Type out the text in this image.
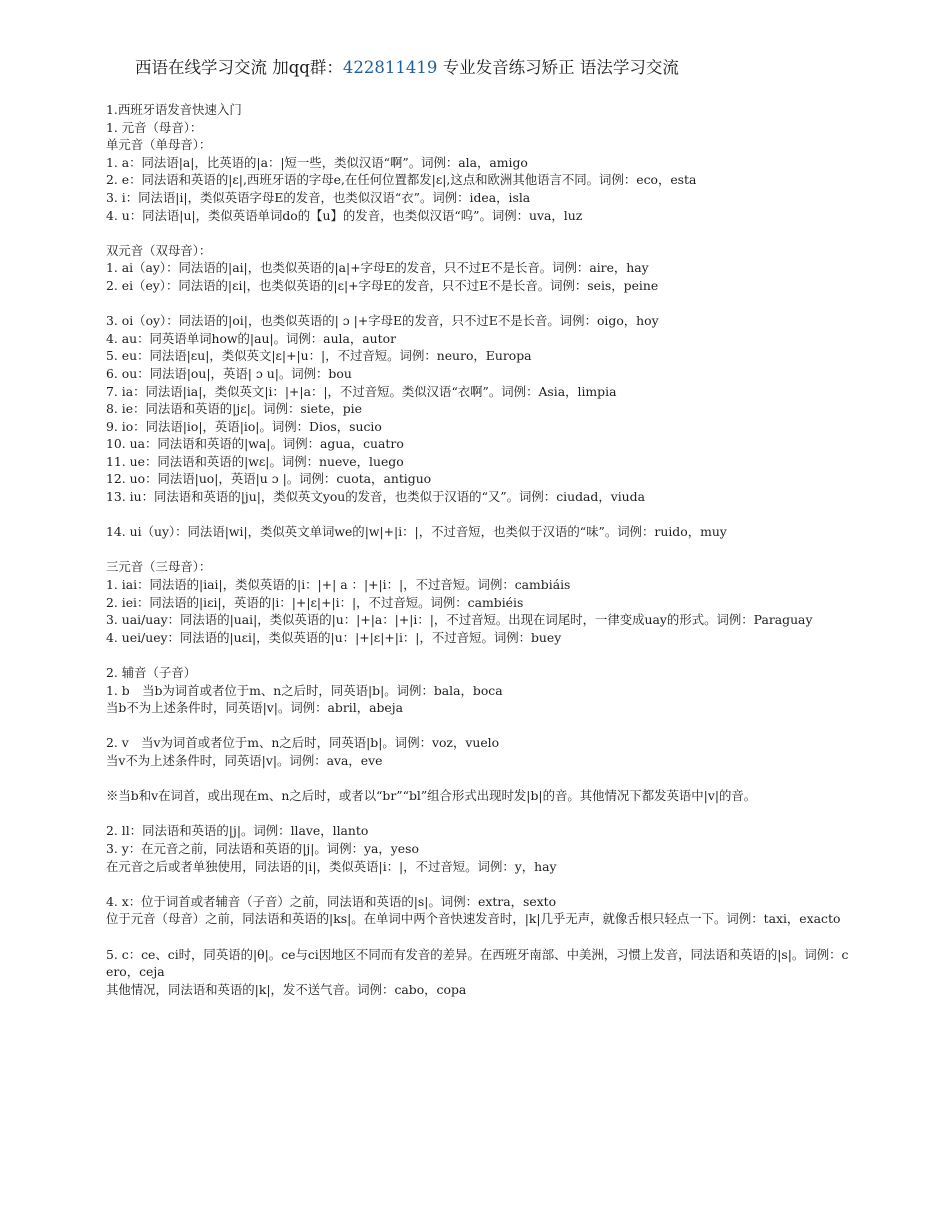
西语在线学习交流 加qq群：422811419 专业发音练习矫正 语法学习交流
1.西班牙语发音快速入门
1. 元音（母音）：
单元音（单母音）：
1. a：同法语|a|，比英语的|a：|短一些，类似汉语“啊”。词例：ala，amigo
2. e：同法语和英语的|ε|,西班牙语的字母e,在任何位置都发|ε|,这点和欧洲其他语言不同。词例：eco，esta
3. i：同法语|i|，类似英语字母E的发音，也类似汉语“衣”。词例：idea，isla
4. u：同法语|u|，类似英语单词do的【u】的发音，也类似汉语“呜”。词例：uva，luz
双元音（双母音）：
1. ai（ay）：同法语的|ai|，也类似英语的|a|+字母E的发音，只不过E不是长音。词例：aire，hay
2. ei（ey）：同法语的|εi|，也类似英语的|ε|+字母E的发音，只不过E不是长音。词例：seis，peine
3. oi（oy）：同法语的|oi|，也类似英语的| ɔ |+字母E的发音，只不过E不是长音。词例：oigo，hoy
4. au：同英语单词how的|au|。词例：aula，autor
5. eu：同法语|εu|，类似英文|ε|+|u：|，不过音短。词例：neuro，Europa
6. ou：同法语|ou|，英语| ɔ u|。词例：bou
7. ia：同法语|ia|，类似英文|i：|+|a：|，不过音短。类似汉语“衣啊”。词例：Asia，limpia
8. ie：同法语和英语的|jε|。词例：siete，pie
9. io：同法语|io|，英语|io|。词例：Dios，sucio
10. ua：同法语和英语的|wa|。词例：agua，cuatro
11. ue：同法语和英语的|wε|。词例：nueve，luego
12. uo：同法语|uo|，英语|u ɔ |。词例：cuota，antiguo
13. iu：同法语和英语的|ju|，类似英文you的发音，也类似于汉语的“又”。词例：ciudad，viuda
14. ui（uy）：同法语|wi|，类似英文单词we的|w|+|i：|，不过音短，也类似于汉语的“味”。词例：ruido，muy
三元音（三母音）：
1. iai：同法语的|iai|，类似英语的|i：|+| a ：|+|i：|，不过音短。词例：cambiáis
2. iei：同法语的|iεi|，英语的|i：|+|ε|+|i：|，不过音短。词例：cambiéis
3. uai/uay：同法语的|uai|，类似英语的|u：|+|a：|+|i：|，不过音短。出现在词尾时，一律变成uay的形式。词例：Paraguay
4. uei/uey：同法语的|uεi|，类似英语的|u：|+|ε|+|i：|，不过音短。词例：buey
2. 辅音（子音）
1. b　当b为词首或者位于m、n之后时，同英语|b|。词例：bala，boca
当b不为上述条件时，同英语|v|。词例：abril，abeja
2. v　当v为词首或者位于m、n之后时，同英语|b|。词例：voz，vuelo
当v不为上述条件时，同英语|v|。词例：ava，eve
※当b和v在词首，或出现在m、n之后时，或者以“br”“bl”组合形式出现时发|b|的音。其他情况下都发英语中|v|的音。
2. ll：同法语和英语的|j|。词例：llave，llanto
3. y：在元音之前，同法语和英语的|j|。词例：ya，yeso
在元音之后或者单独使用，同法语的|i|，类似英语|i：|，不过音短。词例：y，hay
4. x：位于词首或者辅音（子音）之前，同法语和英语的|s|。词例：extra，sexto
位于元音（母音）之前，同法语和英语的|ks|。在单词中两个音快速发音时，|k|几乎无声，就像舌根只轻点一下。词例：taxi，exacto
5. c：ce、ci时，同英语的|θ|。ce与ci因地区不同而有发音的差异。在西班牙南部、中美洲，习惯上发音，同法语和英语的|s|。词例：cero，ceja
其他情况，同法语和英语的|k|，发不送气音。词例：cabo，copa
